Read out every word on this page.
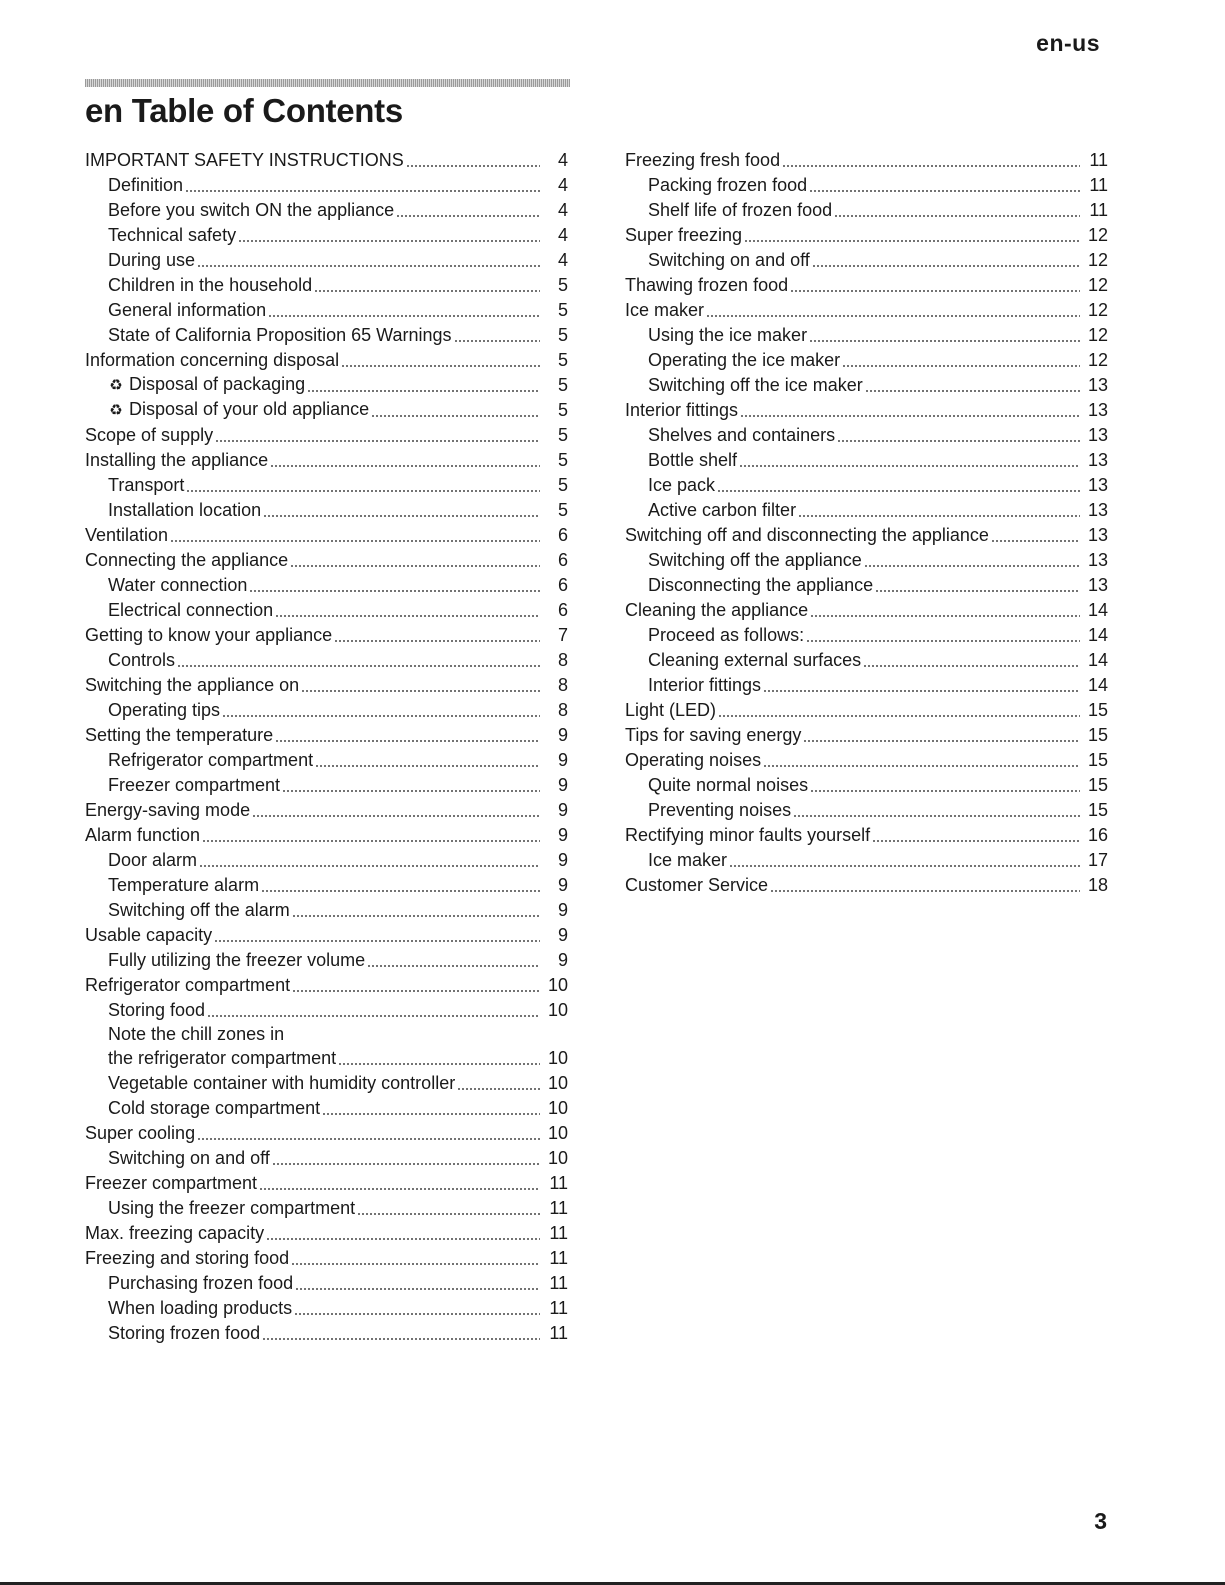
en-us
en Table of Contents
IMPORTANT SAFETY INSTRUCTIONS	4
Definition	4
Before you switch ON the appliance	4
Technical safety	4
During use	4
Children in the household	5
General information	5
State of California Proposition 65 Warnings	5
Information concerning disposal	5
♻ Disposal of packaging	5
♻ Disposal of your old appliance	5
Scope of supply	5
Installing the appliance	5
Transport	5
Installation location	5
Ventilation	6
Connecting the appliance	6
Water connection	6
Electrical connection	6
Getting to know your appliance	7
Controls	8
Switching the appliance on	8
Operating tips	8
Setting the temperature	9
Refrigerator compartment	9
Freezer compartment	9
Energy-saving mode	9
Alarm function	9
Door alarm	9
Temperature alarm	9
Switching off the alarm	9
Usable capacity	9
Fully utilizing the freezer volume	9
Refrigerator compartment	10
Storing food	10
Note the chill zones in
the refrigerator compartment	10
Vegetable container with humidity controller	10
Cold storage compartment	10
Super cooling	10
Switching on and off	10
Freezer compartment	11
Using the freezer compartment	11
Max. freezing capacity	11
Freezing and storing food	11
Purchasing frozen food	11
When loading products	11
Storing frozen food	11
Freezing fresh food	11
Packing frozen food	11
Shelf life of frozen food	11
Super freezing	12
Switching on and off	12
Thawing frozen food	12
Ice maker	12
Using the ice maker	12
Operating the ice maker	12
Switching off the ice maker	13
Interior fittings	13
Shelves and containers	13
Bottle shelf	13
Ice pack	13
Active carbon filter	13
Switching off and disconnecting the appliance	13
Switching off the appliance	13
Disconnecting the appliance	13
Cleaning the appliance	14
Proceed as follows:	14
Cleaning external surfaces	14
Interior fittings	14
Light (LED)	15
Tips for saving energy	15
Operating noises	15
Quite normal noises	15
Preventing noises	15
Rectifying minor faults yourself	16
Ice maker	17
Customer Service	18
3
